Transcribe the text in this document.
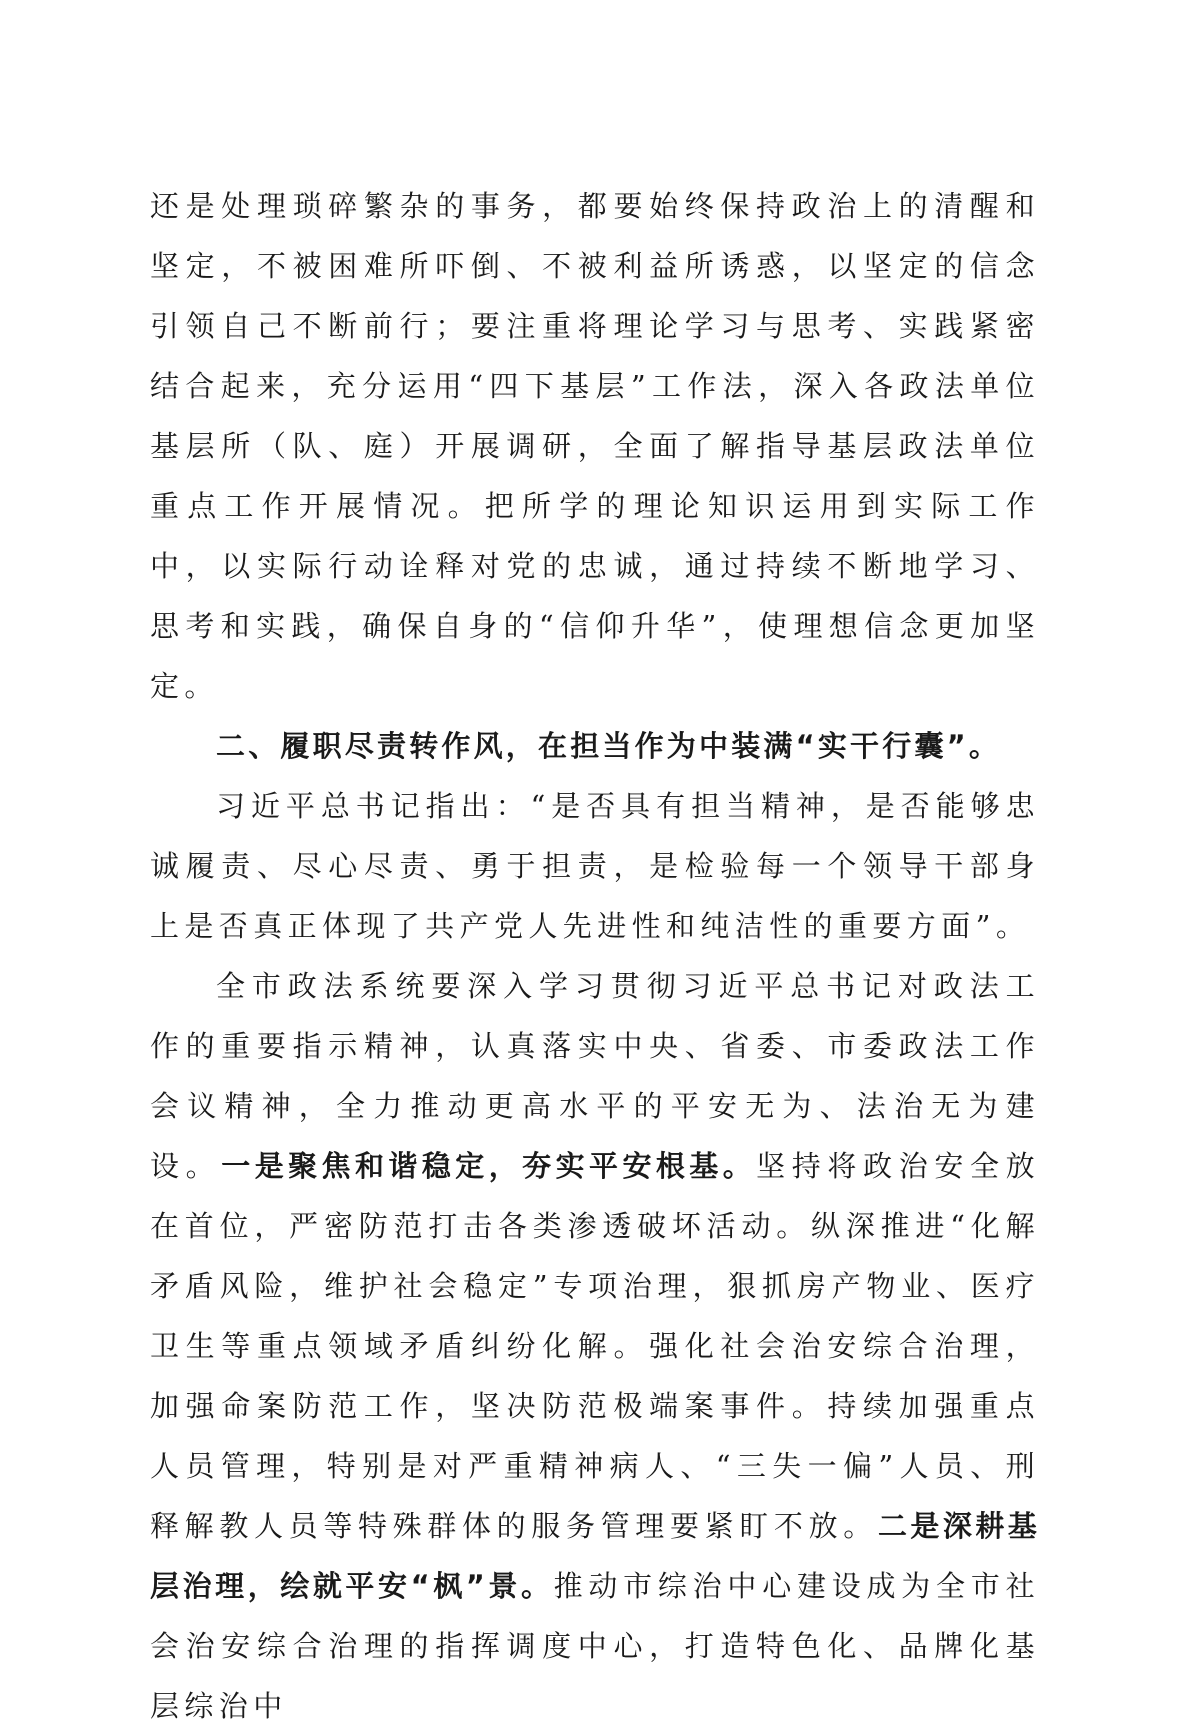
还是处理琐碎繁杂的事务，都要始终保持政治上的清醒和坚定，不被困难所吓倒、不被利益所诱惑，以坚定的信念引领自己不断前行；要注重将理论学习与思考、实践紧密结合起来，充分运用“四下基层”工作法，深入各政法单位基层所（队、庭）开展调研，全面了解指导基层政法单位重点工作开展情况。把所学的理论知识运用到实际工作中，以实际行动诠释对党的忠诚，通过持续不断地学习、思考和实践，确保自身的“信仰升华”，使理想信念更加坚定。

二、履职尽责转作风，在担当作为中装满“实干行囊”。

习近平总书记指出：“是否具有担当精神，是否能够忠诚履责、尽心尽责、勇于担责，是检验每一个领导干部身上是否真正体现了共产党人先进性和纯洁性的重要方面”。

全市政法系统要深入学习贯彻习近平总书记对政法工作的重要指示精神，认真落实中央、省委、市委政法工作会议精神，全力推动更高水平的平安无为、法治无为建设。一是聚焦和谐稳定，夯实平安根基。坚持将政治安全放在首位，严密防范打击各类渗透破坏活动。纵深推进“化解矛盾风险，维护社会稳定”专项治理，狠抓房产物业、医疗卫生等重点领域矛盾纠纷化解。强化社会治安综合治理，加强命案防范工作，坚决防范极端案事件。持续加强重点人员管理，特别是对严重精神病人、“三失一偏”人员、刑释解教人员等特殊群体的服务管理要紧盯不放。二是深耕基层治理，绘就平安“枫”景。推动市综治中心建设成为全市社会治安综合治理的指挥调度中心，打造特色化、品牌化基层综治中
